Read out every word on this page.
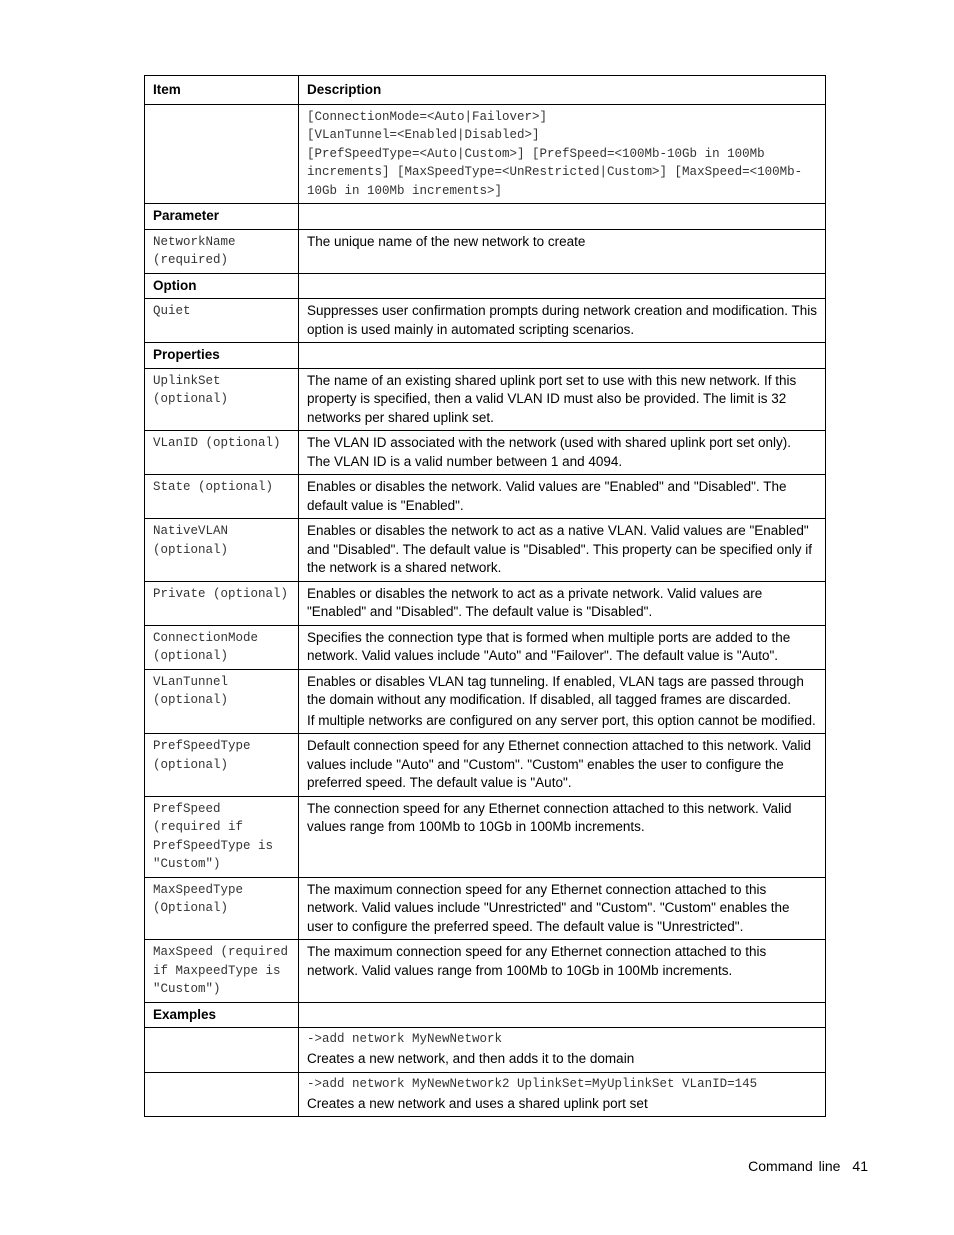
Item	Description
	[ConnectionMode=<Auto|Failover>]
[VLanTunnel=<Enabled|Disabled>]
[PrefSpeedType=<Auto|Custom>] [PrefSpeed=<100Mb-10Gb in 100Mb increments] [MaxSpeedType=<UnRestricted|Custom>] [MaxSpeed=<100Mb-10Gb in 100Mb increments>]
Parameter	
NetworkName (required)	The unique name of the new network to create

Option	
Quiet	Suppresses user confirmation prompts during network creation and modification. This option is used mainly in automated scripting scenarios.

Properties	
UplinkSet (optional)	The name of an existing shared uplink port set to use with this new network. If this property is specified, then a valid VLAN ID must also be provided. The limit is 32 networks per shared uplink set.

VLanID (optional)	The VLAN ID associated with the network (used with shared uplink port set only). The VLAN ID is a valid number between 1 and 4094.

State (optional)	Enables or disables the network. Valid values are "Enabled" and "Disabled". The default value is "Enabled".

NativeVLAN (optional)	Enables or disables the network to act as a native VLAN. Valid values are "Enabled" and "Disabled". The default value is "Disabled". This property can be specified only if the network is a shared network.

Private (optional)	Enables or disables the network to act as a private network. Valid values are "Enabled" and "Disabled". The default value is "Disabled".

ConnectionMode (optional)	Specifies the connection type that is formed when multiple ports are added to the network. Valid values include "Auto" and "Failover". The default value is "Auto".

VLanTunnel (optional)	Enables or disables VLAN tag tunneling. If enabled, VLAN tags are passed through the domain without any modification. If disabled, all tagged frames are discarded.
If multiple networks are configured on any server port, this option cannot be modified.

PrefSpeedType (optional)	Default connection speed for any Ethernet connection attached to this network. Valid values include "Auto" and "Custom". "Custom" enables the user to configure the preferred speed. The default value is "Auto".

PrefSpeed (required if PrefSpeedType is "Custom")	The connection speed for any Ethernet connection attached to this network. Valid values range from 100Mb to 10Gb in 100Mb increments.

MaxSpeedType (Optional)	The maximum connection speed for any Ethernet connection attached to this network. Valid values include "Unrestricted" and "Custom". "Custom" enables the user to configure the preferred speed. The default value is "Unrestricted".

MaxSpeed (required if MaxpeedType is "Custom")	The maximum connection speed for any Ethernet connection attached to this network. Valid values range from 100Mb to 10Gb in 100Mb increments.

Examples	

	->add network MyNewNetwork
Creates a new network, and then adds it to the domain

	->add network MyNewNetwork2 UplinkSet=MyUplinkSet VLanID=145
Creates a new network and uses a shared uplink port set
Command line 41
